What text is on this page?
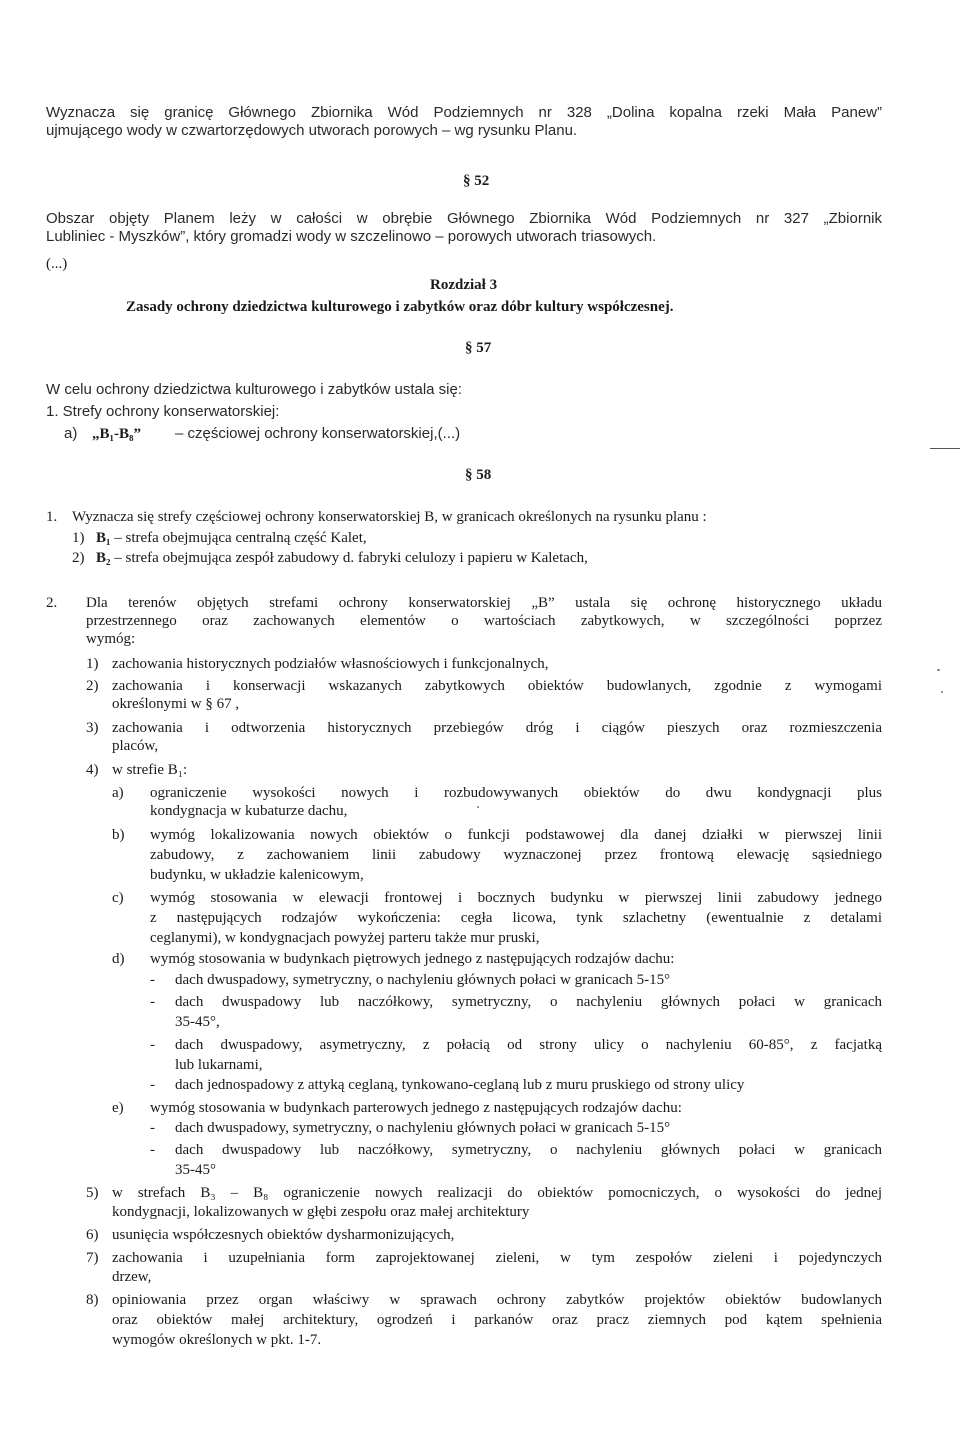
Wyznacza się granicę Głównego Zbiornika Wód Podziemnych nr 328 „Dolina kopalna rzeki Mała Panew”
ujmującego wody w czwartorzędowych utworach porowych – wg rysunku Planu.
§ 52
Obszar objęty Planem leży w całości w obrębie Głównego Zbiornika Wód Podziemnych nr 327 „Zbiornik
Lubliniec - Myszków”, który gromadzi wody w szczelinowo – porowych utworach triasowych.
(...)
Rozdział 3
Zasady ochrony dziedzictwa kulturowego i zabytków oraz dóbr kultury współczesnej.
§ 57
W celu ochrony dziedzictwa kulturowego i zabytków ustala się:
1. Strefy ochrony konserwatorskiej:
a) „B₁-B₈” – częściowej ochrony konserwatorskiej,(...)
§ 58
1. Wyznacza się strefy częściowej ochrony konserwatorskiej B, w granicach określonych na rysunku planu :
1) B₁ – strefa obejmująca centralną część Kalet,
2) B₂ – strefa obejmująca zespół zabudowy d. fabryki celulozy i papieru w Kaletach,
2. Dla terenów objętych strefami ochrony konserwatorskiej „B” ustala się ochronę historycznego układu
przestrzennego oraz zachowanych elementów o wartościach zabytkowych, w szczególności poprzez
wymóg:
1) zachowania historycznych podziałów własnościowych i funkcjonalnych,
2) zachowania i konserwacji wskazanych zabytkowych obiektów budowlanych, zgodnie z wymogami
określonymi w § 67 ,
3) zachowania i odtworzenia historycznych przebiegów dróg i ciągów pieszych oraz rozmieszczenia
placów,
4) w strefie B₁:
a) ograniczenie wysokości nowych i rozbudowywanych obiektów do dwu kondygnacji plus
kondygnacja w kubaturze dachu,
b) wymóg lokalizowania nowych obiektów o funkcji podstawowej dla danej działki w pierwszej linii
zabudowy, z zachowaniem linii zabudowy wyznaczonej przez frontową elewację sąsiedniego
budynku, w układzie kalenicowym,
c) wymóg stosowania w elewacji frontowej i bocznych budynku w pierwszej linii zabudowy jednego
z następujących rodzajów wykończenia: cegła licowa, tynk szlachetny (ewentualnie z detalami
ceglanymi), w kondygnacjach powyżej parteru także mur pruski,
d) wymóg stosowania w budynkach piętrowych jednego z następujących rodzajów dachu:
- dach dwuspadowy, symetryczny, o nachyleniu głównych połaci w granicach 5-15°
- dach dwuspadowy lub naczółkowy, symetryczny, o nachyleniu głównych połaci w granicach
35-45°,
- dach dwuspadowy, asymetryczny, z połacią od strony ulicy o nachyleniu 60-85°, z facjatką
lub lukarnami,
- dach jednospadowy z attyką ceglaną, tynkowano-ceglaną lub z muru pruskiego od strony ulicy
e) wymóg stosowania w budynkach parterowych jednego z następujących rodzajów dachu:
- dach dwuspadowy, symetryczny, o nachyleniu głównych połaci w granicach 5-15°
- dach dwuspadowy lub naczółkowy, symetryczny, o nachyleniu głównych połaci w granicach
35-45°
5) w strefach B₃ – B₈ ograniczenie nowych realizacji do obiektów pomocniczych, o wysokości do jednej
kondygnacji, lokalizowanych w głębi zespołu oraz małej architektury
6) usunięcia współczesnych obiektów dysharmonizujących,
7) zachowania i uzupełniania form zaprojektowanej zieleni, w tym zespołów zieleni i pojedynczych
drzew,
8) opiniowania przez organ właściwy w sprawach ochrony zabytków projektów obiektów budowlanych
oraz obiektów małej architektury, ogrodzeń i parkanów oraz pracz ziemnych pod kątem spełnienia
wymogów określonych w pkt. 1-7.
